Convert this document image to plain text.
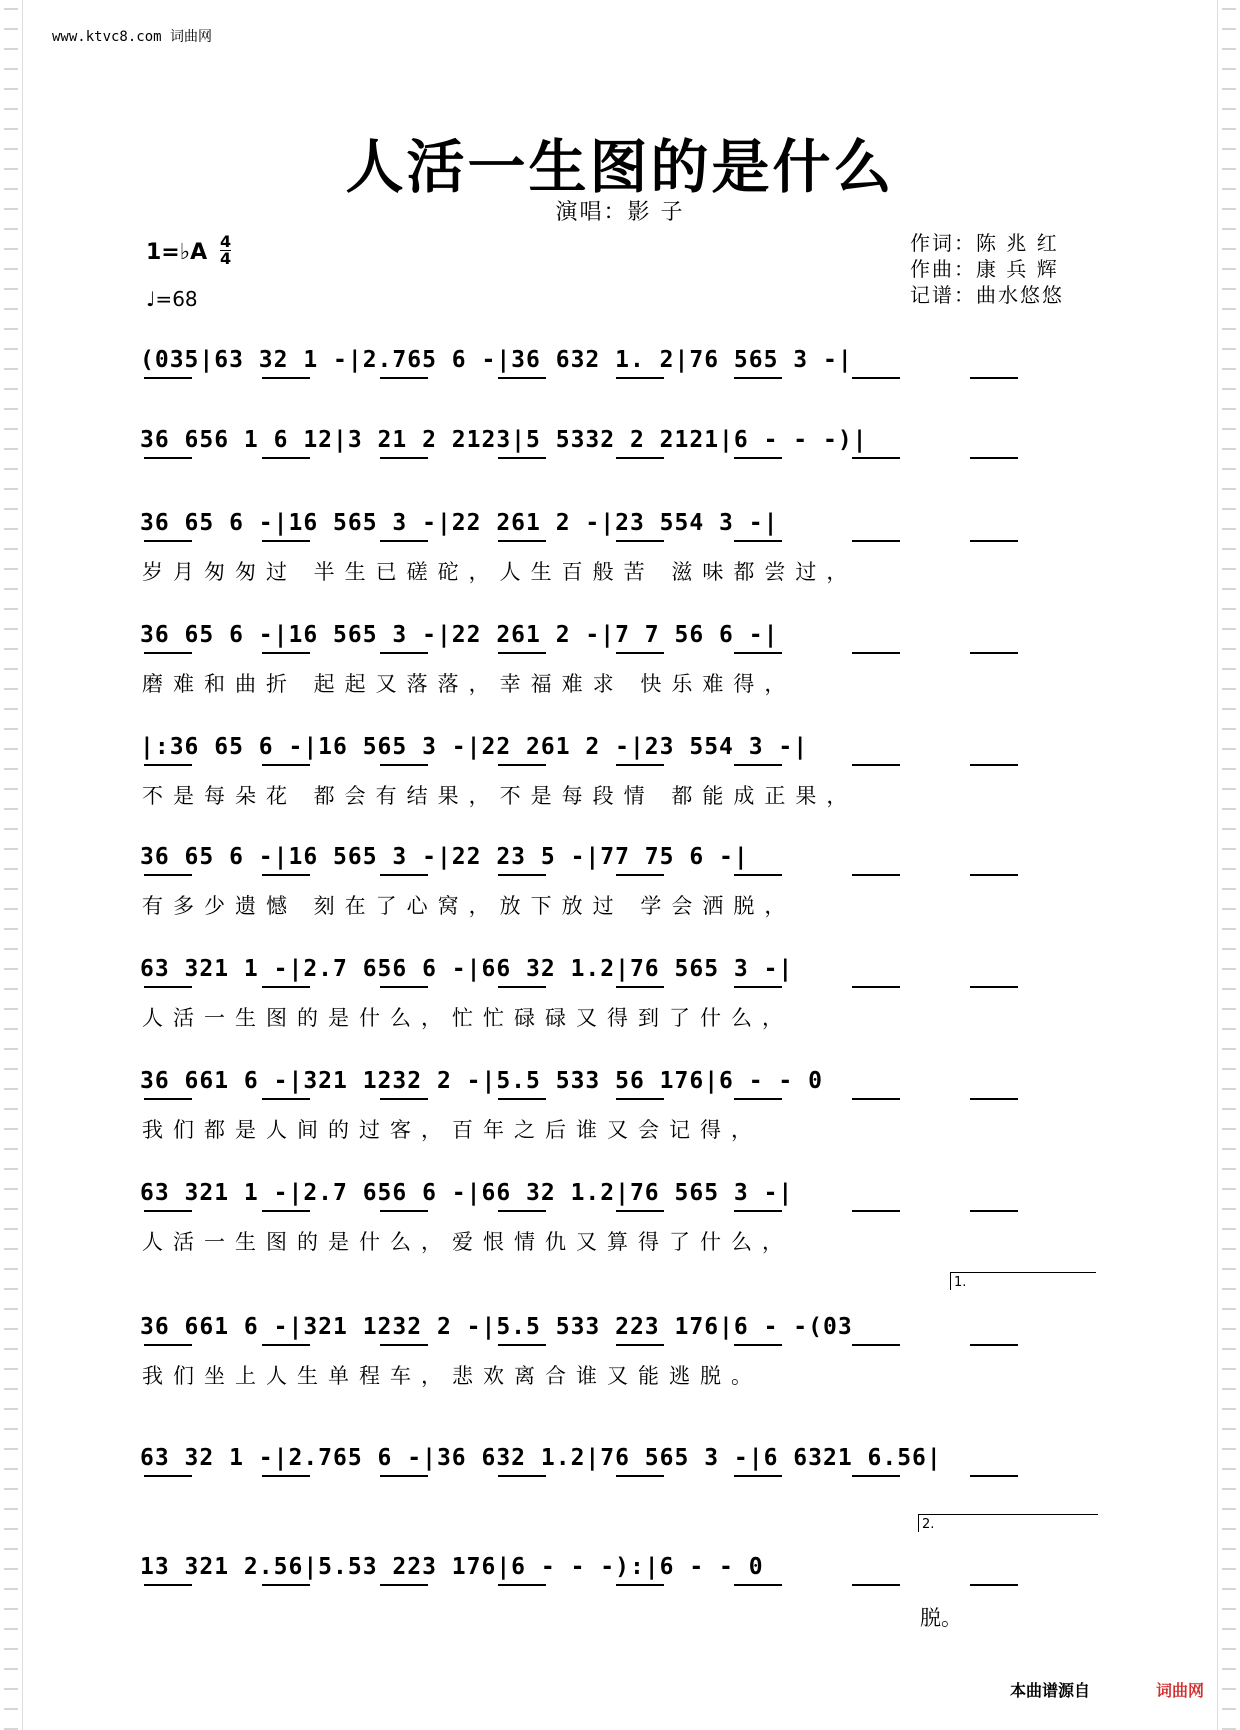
www.ktvc8.com 词曲网
人活一生图的是什么
演唱：影 子
1=♭A 4
4
♩=68
作词：陈 兆 红
作曲：康 兵 辉
记谱：曲水悠悠
(035|63 32 1 -|2.765 6 -|36 632 1. 2|76 565 3 -|
36 656 1 6 12|3 21 2 2123|5 5332 2 2121|6 - - -)|
36 65 6 -|16 565 3 -|22 261 2 -|23 554 3 -|
岁月匆匆过 半生已磋砣，人生百般苦 滋味都尝过，
36 65 6 -|16 565 3 -|22 261 2 -|7 7 56 6 -|
磨难和曲折 起起又落落，幸福难求 快乐难得，
|:36 65 6 -|16 565 3 -|22 261 2 -|23 554 3 -|
不是每朵花 都会有结果，不是每段情 都能成正果，
36 65 6 -|16 565 3 -|22 23 5 -|77 75 6 -|
有多少遗憾 刻在了心窝，放下放过 学会洒脱，
63 321 1 -|2.7 656 6 -|66 32 1.2|76 565 3 -|
人活一生图的是什么，忙忙碌碌又得到了什么，
36 661 6 -|321 1232 2 -|5.5 533 56 176|6 - - 0
我们都是人间的过客，百年之后谁又会记得，
63 321 1 -|2.7 656 6 -|66 32 1.2|76 565 3 -|
人活一生图的是什么，爱恨情仇又算得了什么，
36 661 6 -|321 1232 2 -|5.5 533 223 176|6 - -(03
我们坐上人生单程车，悲欢离合谁又能逃脱。
63 32 1 -|2.765 6 -|36 632 1.2|76 565 3 -|6 6321 6.56|
13 321 2.56|5.53 223 176|6 - - -):|6 - - 0
1.
2.
脱。
本曲谱源自	词曲网
